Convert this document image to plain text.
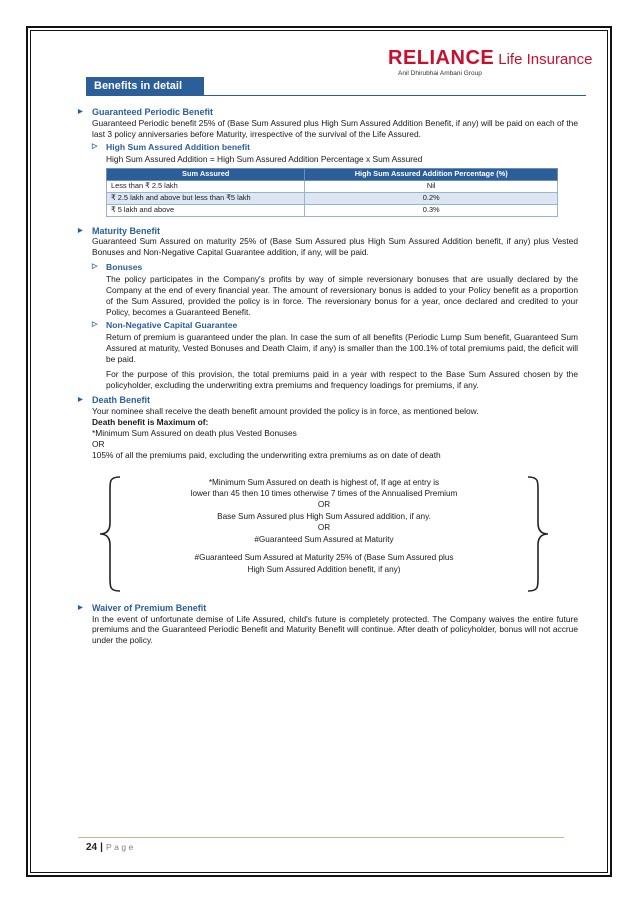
RELIANCE Life Insurance
Anil Dhirubhai Ambani Group
Benefits in detail
▶ Guaranteed Periodic Benefit
Guaranteed Periodic benefit 25% of (Base Sum Assured plus High Sum Assured Addition Benefit, if any) will be paid on each of the last 3 policy anniversaries before Maturity, irrespective of the survival of the Life Assured.
▷ High Sum Assured Addition benefit
High Sum Assured Addition = High Sum Assured Addition Percentage x Sum Assured
Sum Assured	High Sum Assured Addition Percentage (%)
Less than ₹ 2.5 lakh	Nil
₹ 2.5 lakh and above but less than ₹5 lakh	0.2%
₹ 5 lakh and above	0.3%
▶ Maturity Benefit
Guaranteed Sum Assured on maturity 25% of (Base Sum Assured plus High Sum Assured Addition benefit, if any) plus Vested Bonuses and Non-Negative Capital Guarantee addition, if any, will be paid.
▷ Bonuses
The policy participates in the Company's profits by way of simple reversionary bonuses that are usually declared by the Company at the end of every financial year. The amount of reversionary bonus is added to your Policy benefit as a proportion of the Sum Assured, provided the policy is in force. The reversionary bonus for a year, once declared and credited to your Policy, becomes a Guaranteed Benefit.
▷ Non-Negative Capital Guarantee
Return of premium is guaranteed under the plan. In case the sum of all benefits (Periodic Lump Sum benefit, Guaranteed Sum Assured at maturity, Vested Bonuses and Death Claim, if any) is smaller than the 100.1% of total premiums paid, the deficit will be paid.
For the purpose of this provision, the total premiums paid in a year with respect to the Base Sum Assured chosen by the policyholder, excluding the underwriting extra premiums and frequency loadings for premiums, if any.
▶ Death Benefit
Your nominee shall receive the death benefit amount provided the policy is in force, as mentioned below.
Death benefit is Maximum of:
*Minimum Sum Assured on death plus Vested Bonuses
OR
105% of all the premiums paid, excluding the underwriting extra premiums as on date of death
*Minimum Sum Assured on death is highest of, If age at entry is
lower than 45 then 10 times otherwise 7 times of the Annualised Premium
OR
Base Sum Assured plus High Sum Assured addition, if any.
OR
#Guaranteed Sum Assured at Maturity
#Guaranteed Sum Assured at Maturity 25% of (Base Sum Assured plus
High Sum Assured Addition benefit, if any)
▶ Waiver of Premium Benefit
In the event of unfortunate demise of Life Assured, child's future is completely protected. The Company waives the entire future premiums and the Guaranteed Periodic Benefit and Maturity Benefit will continue. After death of policyholder, bonus will not accrue under the policy.
24 | Page
